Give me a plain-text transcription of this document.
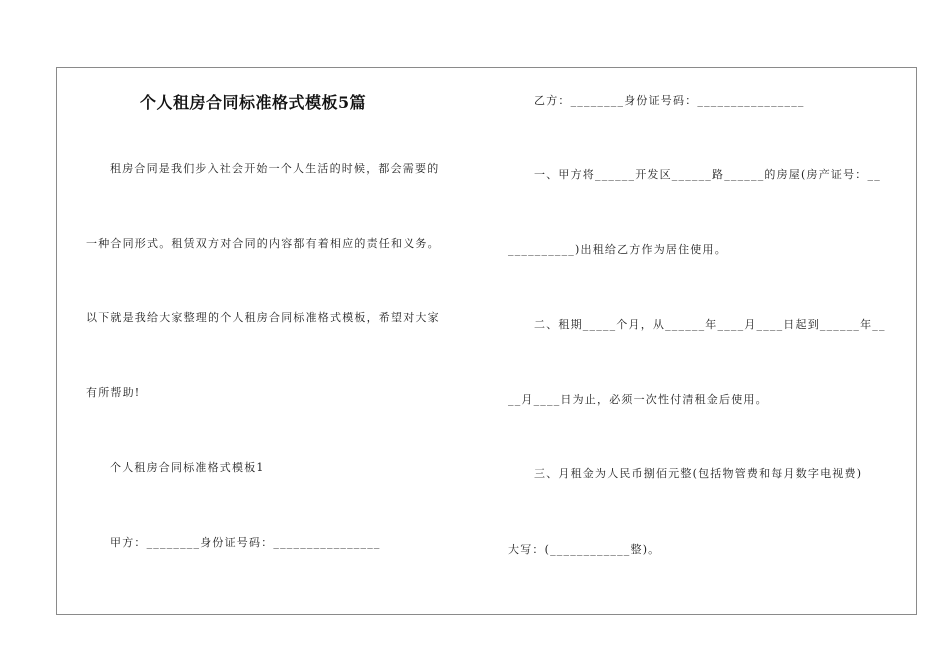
个人租房合同标准格式模板5篇
租房合同是我们步入社会开始一个人生活的时候，都会需要的
一种合同形式。租赁双方对合同的内容都有着相应的责任和义务。
以下就是我给大家整理的个人租房合同标准格式模板，希望对大家
有所帮助!
个人租房合同标准格式模板1
甲方：________身份证号码：________________
乙方：________身份证号码：________________
一、甲方将______开发区______路______的房屋(房产证号：__
__________)出租给乙方作为居住使用。
二、租期_____个月，从______年____月____日起到______年__
__月____日为止，必须一次性付清租金后使用。
三、月租金为人民币捌佰元整(包括物管费和每月数字电视费)
大写：(____________整)。
